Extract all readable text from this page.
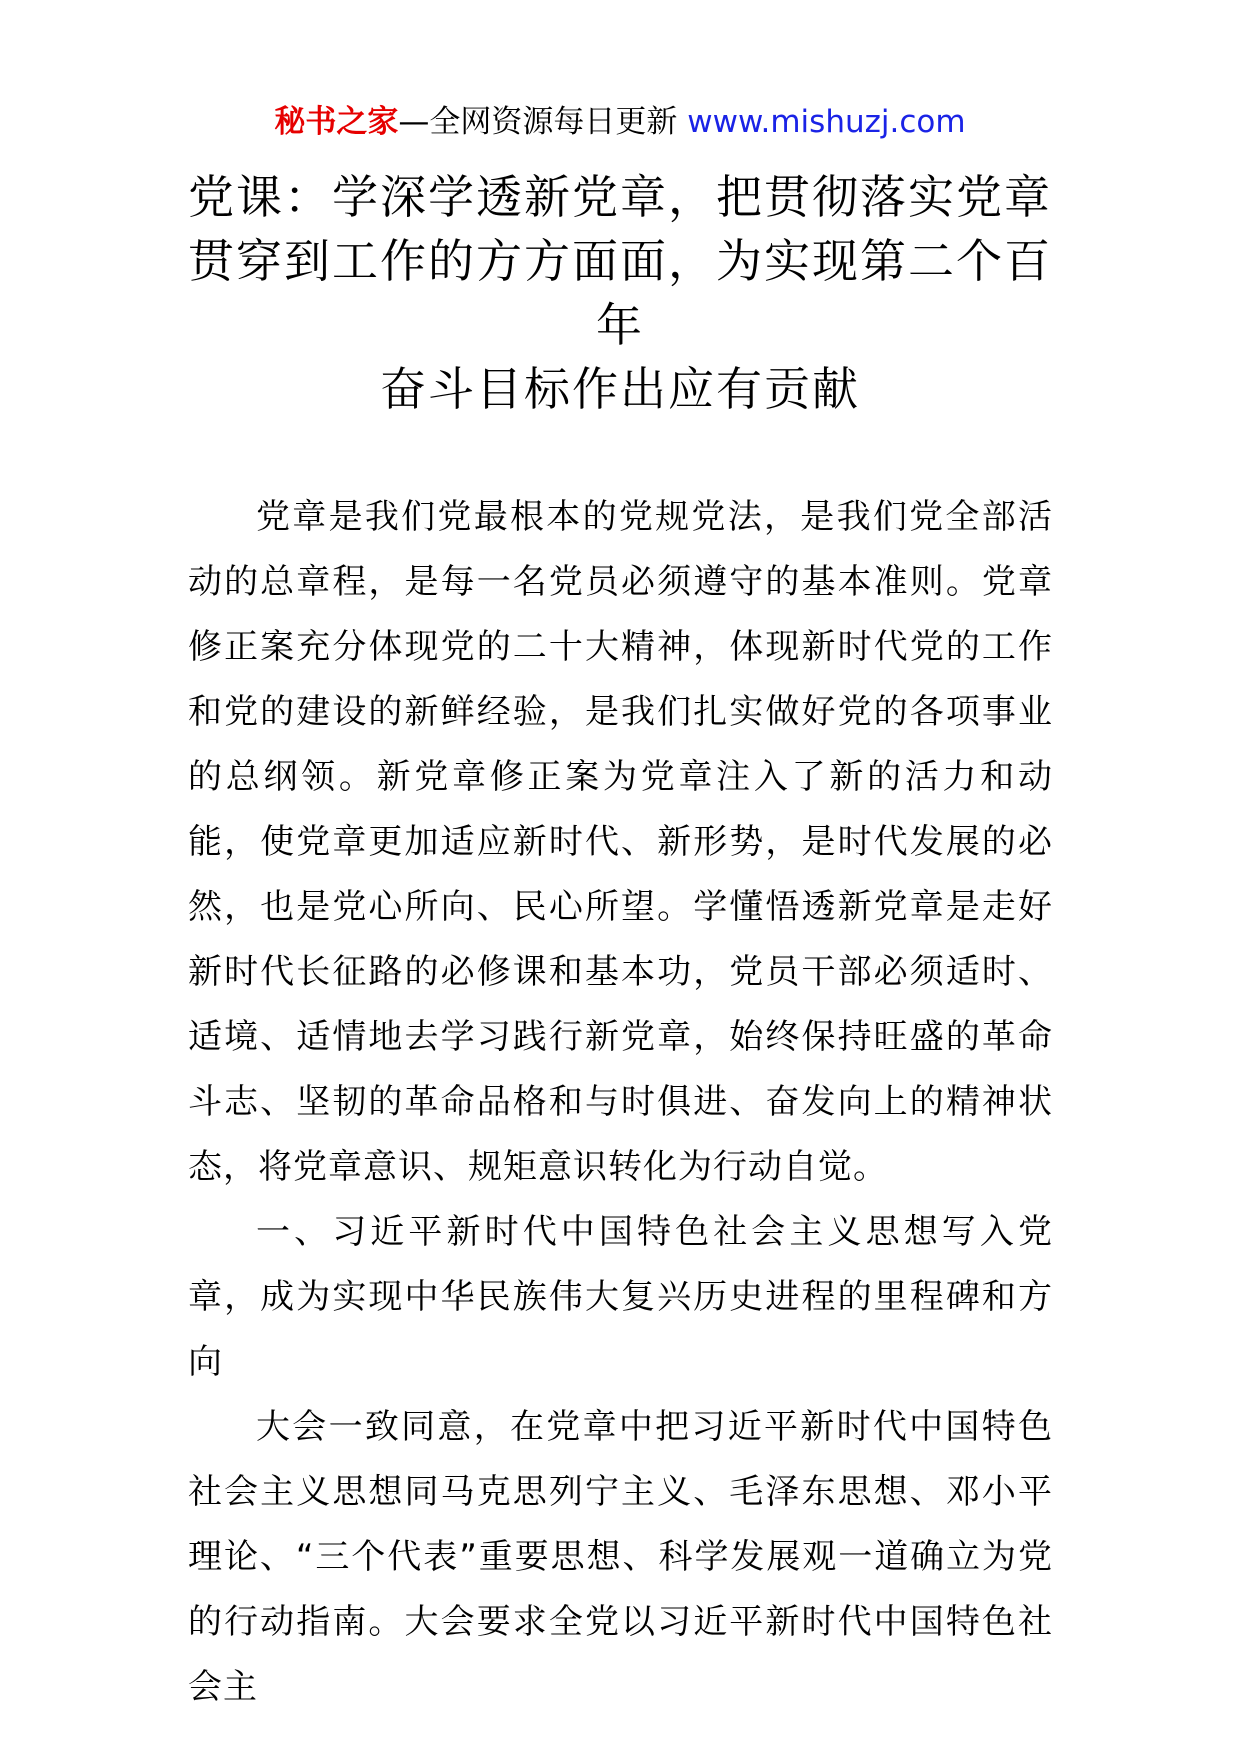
秘书之家—全网资源每日更新 www.mishuzj.com
党课：学深学透新党章，把贯彻落实党章
贯穿到工作的方方面面，为实现第二个百
年
奋斗目标作出应有贡献

党章是我们党最根本的党规党法，是我们党全部活动的总章程，是每一名党员必须遵守的基本准则。党章修正案充分体现党的二十大精神，体现新时代党的工作和党的建设的新鲜经验，是我们扎实做好党的各项事业的总纲领。新党章修正案为党章注入了新的活力和动能，使党章更加适应新时代、新形势，是时代发展的必然，也是党心所向、民心所望。学懂悟透新党章是走好新时代长征路的必修课和基本功，党员干部必须适时、适境、适情地去学习践行新党章，始终保持旺盛的革命斗志、坚韧的革命品格和与时俱进、奋发向上的精神状态，将党章意识、规矩意识转化为行动自觉。

一、习近平新时代中国特色社会主义思想写入党章，成为实现中华民族伟大复兴历史进程的里程碑和方向

大会一致同意，在党章中把习近平新时代中国特色社会主义思想同马克思列宁主义、毛泽东思想、邓小平理论、“三个代表”重要思想、科学发展观一道确立为党的行动指南。大会要求全党以习近平新时代中国特色社会主
